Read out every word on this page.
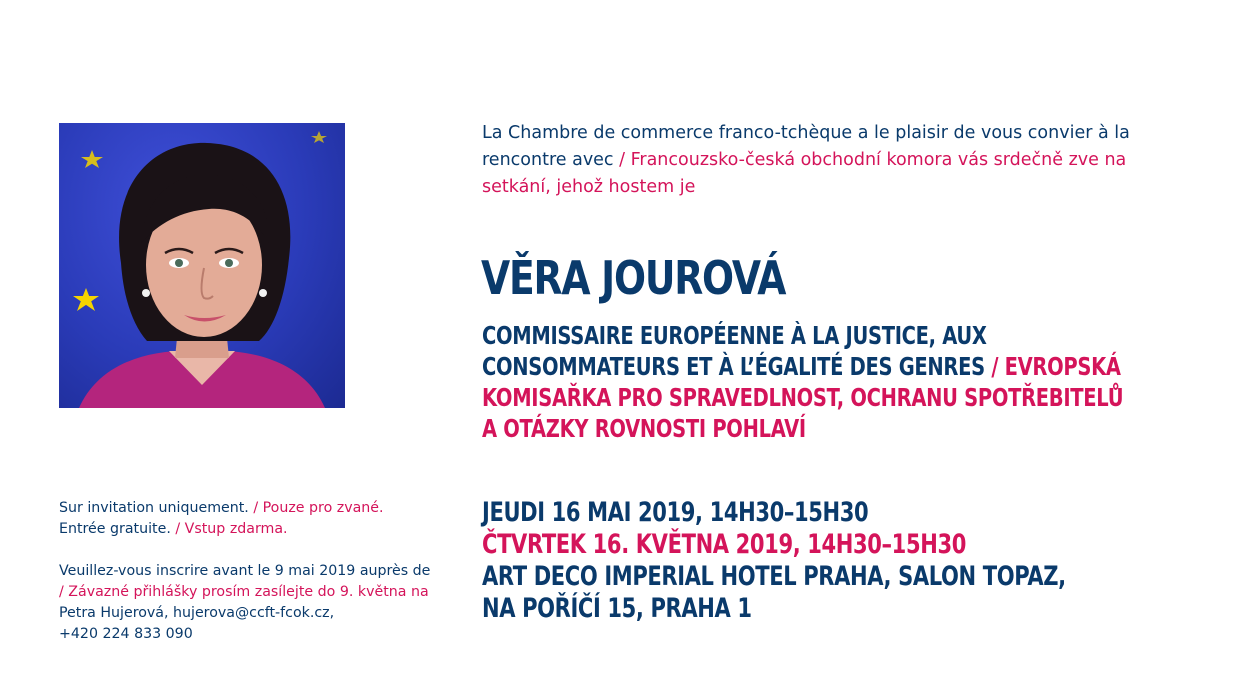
La Chambre de commerce franco-tchèque a le plaisir de vous convier à la rencontre avec / Francouzsko-česká obchodní komora vás srdečně zve na setkání, jehož hostem je
VĚRA JOUROVÁ
COMMISSAIRE EUROPÉENNE À LA JUSTICE, AUX CONSOMMATEURS ET À L’ÉGALITÉ DES GENRES / EVROPSKÁ KOMISAŘKA PRO SPRAVEDLNOST, OCHRANU SPOTŘEBITELŮ A OTÁZKY ROVNOSTI POHLAVÍ

Sur invitation uniquement. / Pouze pro zvané.

Entrée gratuite. / Vstup zdarma.

Veuillez-vous inscrire avant le 9 mai 2019 auprès de

/ Závazné přihlášky prosím zasílejte do 9. května na

Petra Hujerová, hujerova@ccft-fcok.cz,

+420 224 833 090

JEUDI 16 MAI 2019, 14H30–15H30
ČTVRTEK 16. KVĚTNA 2019, 14H30–15H30
ART DECO IMPERIAL HOTEL PRAHA, SALON TOPAZ,
NA POŘÍČÍ 15, PRAHA 1
